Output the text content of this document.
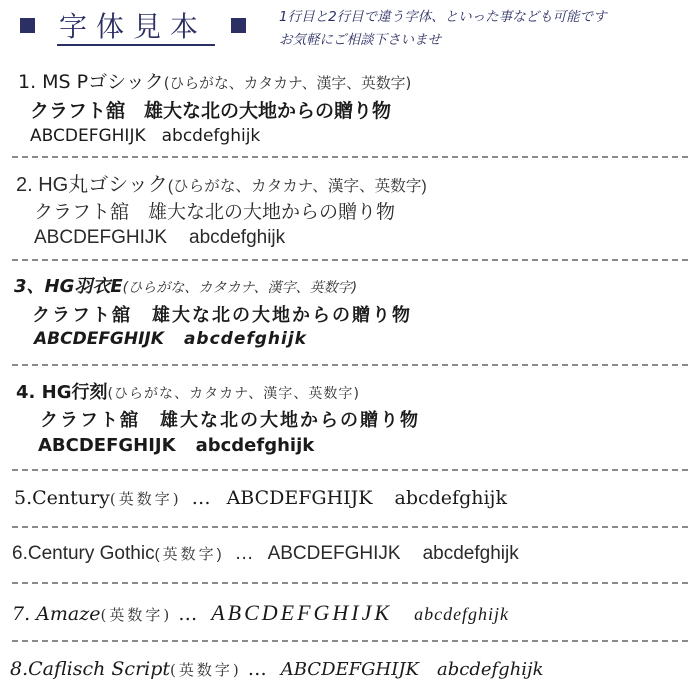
字体見本	1行目と2行目で違う字体、といった事なども可能です
お気軽にご相談下さいませ
1. MS Pゴシック(ひらがな、カタカナ、漢字、英数字)
クラフト舘　雄大な北の大地からの贈り物
ABCDEFGHIJK abcdefghijk
2. HG丸ゴシック(ひらがな、カタカナ、漢字、英数字)
クラフト舘　雄大な北の大地からの贈り物
ABCDEFGHIJK abcdefghijk
3、HG羽衣E(ひらがな、カタカナ、漢字、英数字)
クラフト舘　雄大な北の大地からの贈り物
ABCDEFGHIJK abcdefghijk
4. HG行刻(ひらがな、カタカナ、漢字、英数字)
クラフト舘　雄大な北の大地からの贈り物
ABCDEFGHIJK abcdefghijk
5.Century(英数字) … ABCDEFGHIJK abcdefghijk
6.Century Gothic(英数字) … ABCDEFGHIJK abcdefghijk
7. Amaze(英数字) … ABCDEFGHIJK abcdefghijk
8.Caflisch Script(英数字) … ABCDEFGHIJK abcdefghijk
